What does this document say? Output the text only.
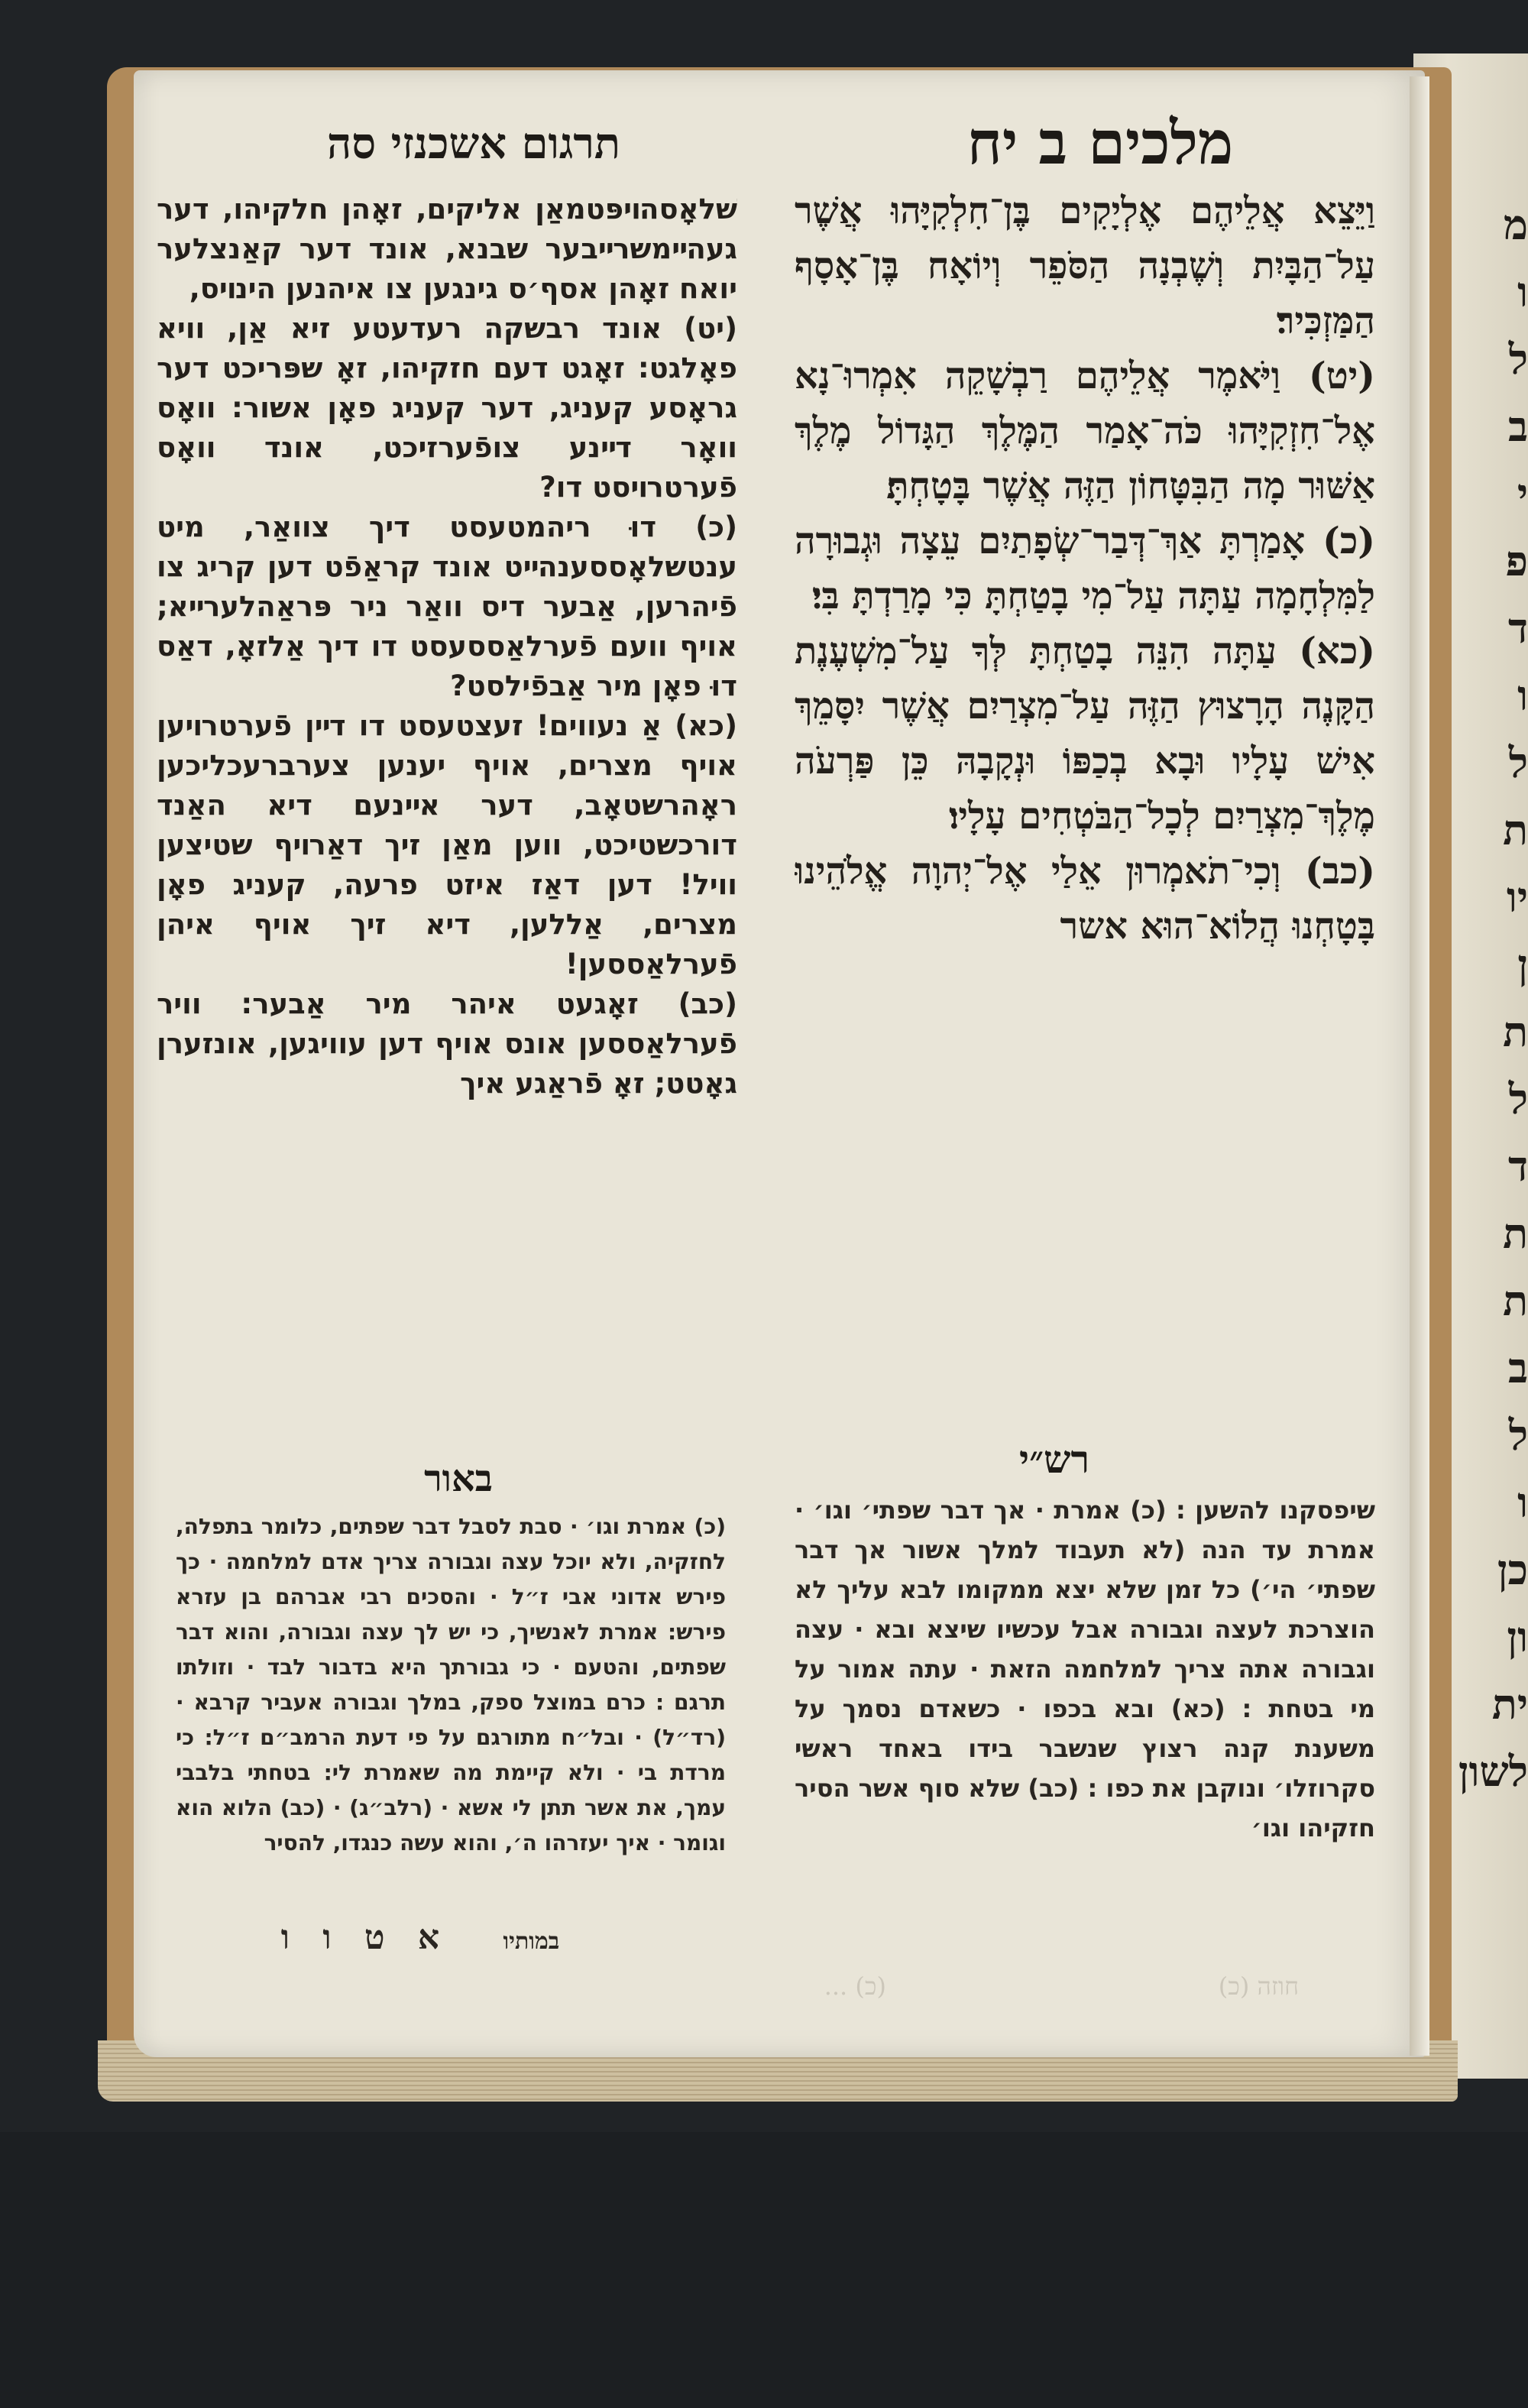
תרגום אשכנזי סה	מלכים ב יח

שׁלאָסהױפּטמאַן אליקים, זאָהן חלקיהו, דער געהײמשרײבער שבנא, אונד דער קאַנצלער יואח זאָהן אסף׳ס גינגען צו איהנען הינױס,

(יט) אונד רבשקה רעדעטע זיא אַן, וויא פאָלגט: זאָגט דעם חזקיהו, זאָ שפּריכט דער גראָסע קעניג, דער קעניג פאָן אשור: וואָס וואָר דײנע צופֿערזיכט, אונד וואָס פֿערטרױסט דו?

(כ) דוּ ריהמטעסט דיך צוואַר, מיט ענטשלאָססענהײט אונד קראַפֿט דען קריג צו פֿיהרען, אַבער דיס וואַר ניר פּראַהלערײא; אויף וועם פֿערלאַססעסט דו דיך אַלזאָ, דאַס דוּ פאָן מיר אַבפֿילסט?

(כא) אַ נעווים! זעצטעסט דו דײן פֿערטרױען אויף מצרים, אויף יענען צערברעכליכען ראָהרשטאָב, דער אײנעם דיא האַנד דורכשטיכט, ווען מאַן זיך דאַרױף שטיצען וויל! דען דאַז איזט פרעה, קעניג פאָן מצרים, אַללען, דיא זיך אויף איהן פֿערלאַססען!

(כב) זאָגעט איהר מיר אַבער: וויר פֿערלאַססען אונס אויף דען עוויגען, אונזערן גאָטט; זאָ פֿראַגע איך

וַיֵּצֵא אֲלֵיהֶם אֶלְיָקִים בֶּן־חִלְקִיָּהוּ אֲשֶׁר עַל־הַבָּיִת וְשֶׁבְנָה הַסֹּפֵר וְיוֹאָח בֶּן־אָסָף הַמַּזְכִּיר׃

(יט) וַיֹּאמֶר אֲלֵיהֶם רַבְשָׁקֵה אִמְרוּ־נָא אֶל־חִזְקִיָּהוּ כֹּה־אָמַר הַמֶּלֶךְ הַגָּדוֹל מֶלֶךְ אַשּׁוּר מָה הַבִּטָּחוֹן הַזֶּה אֲשֶׁר בָּטָחְתָּ׃

(כ) אָמַרְתָּ אַךְ־דְּבַר־שְׂפָתַיִם עֵצָה וּגְבוּרָה לַמִּלְחָמָה עַתָּה עַל־מִי בָטַחְתָּ כִּי מָרַדְתָּ בִּי׃

(כא) עַתָּה הִנֵּה בָטַחְתָּ לְּךָ עַל־מִשְׁעֶנֶת הַקָּנֶה הָרָצוּץ הַזֶּה עַל־מִצְרַיִם אֲשֶׁר יִסָּמֵךְ אִישׁ עָלָיו וּבָא בְכַפּוֹ וּנְקָבָהּ כֵּן פַּרְעֹה מֶלֶךְ־מִצְרַיִם לְכָל־הַבֹּטְחִים עָלָיו׃

(כב) וְכִי־תֹאמְרוּן אֵלַי אֶל־יְהוָה אֱלֹהֵינוּ בָּטָחְנוּ הֲלוֹא־הוּא אשר

באור	רש״י
(כ) אמרת וגו׳ · סבת לסבל דבר שפתים, כלומר בתפלה, לחזקיה, ולא יוכל עצה וגבורה צריך אדם למלחמה · כך פירש אדוני אבי ז״ל · והסכים רבי אברהם בן עזרא פירש: אמרת לאנשיך, כי יש לך עצה וגבורה, והוא דבר שפתים, והטעם · כי גבורתך היא בדבור לבד · וזולתו תרגם : כרם במוצל ספק, במלך וגבורה אעביר קרבא · (רד״ל) · ובל״ח מתורגם על פי דעת הרמב״ם ז״ל: כי מרדת בי · ולא קיימת מה שאמרת לי: בטחתי בלבבי עמך, את אשר תתן לי אשא · (רלב״ג) · (כב) הלוא הוא וגומר · איך יעזרהו ה׳, והוא עשה כנגדו, להסיר
שיפסקנו להשען : (כ) אמרת · אך דבר שפתי׳ וגו׳ · אמרת עד הנה (לא תעבוד למלך אשור אך דבר שפתי׳ הי׳) כל זמן שלא יצא ממקומו לבא עליך לא הוצרכת לעצה וגבורה אבל עכשיו שיצא ובא · עצה וגבורה אתה צריך למלחמה הזאת · עתה אמור על מי בטחת : (כא) ובא בכפו · כשאדם נסמך על משענת קנה רצוץ שנשבר בידו באחד ראשי סקרוזלו׳ ונוקבן את כפו : (כב) שלא סוף אשר הסיר חזקיהו וגו׳
במותיו א ט ו ו
חוזה (כ)
(כ) ...
מ
ו
ל
ב
י
פ
ד
ו
ל
ת
יו
ן
ת
ל
ד
ת
ת
ב
ל
ו
כן
ון
ית
לשון
